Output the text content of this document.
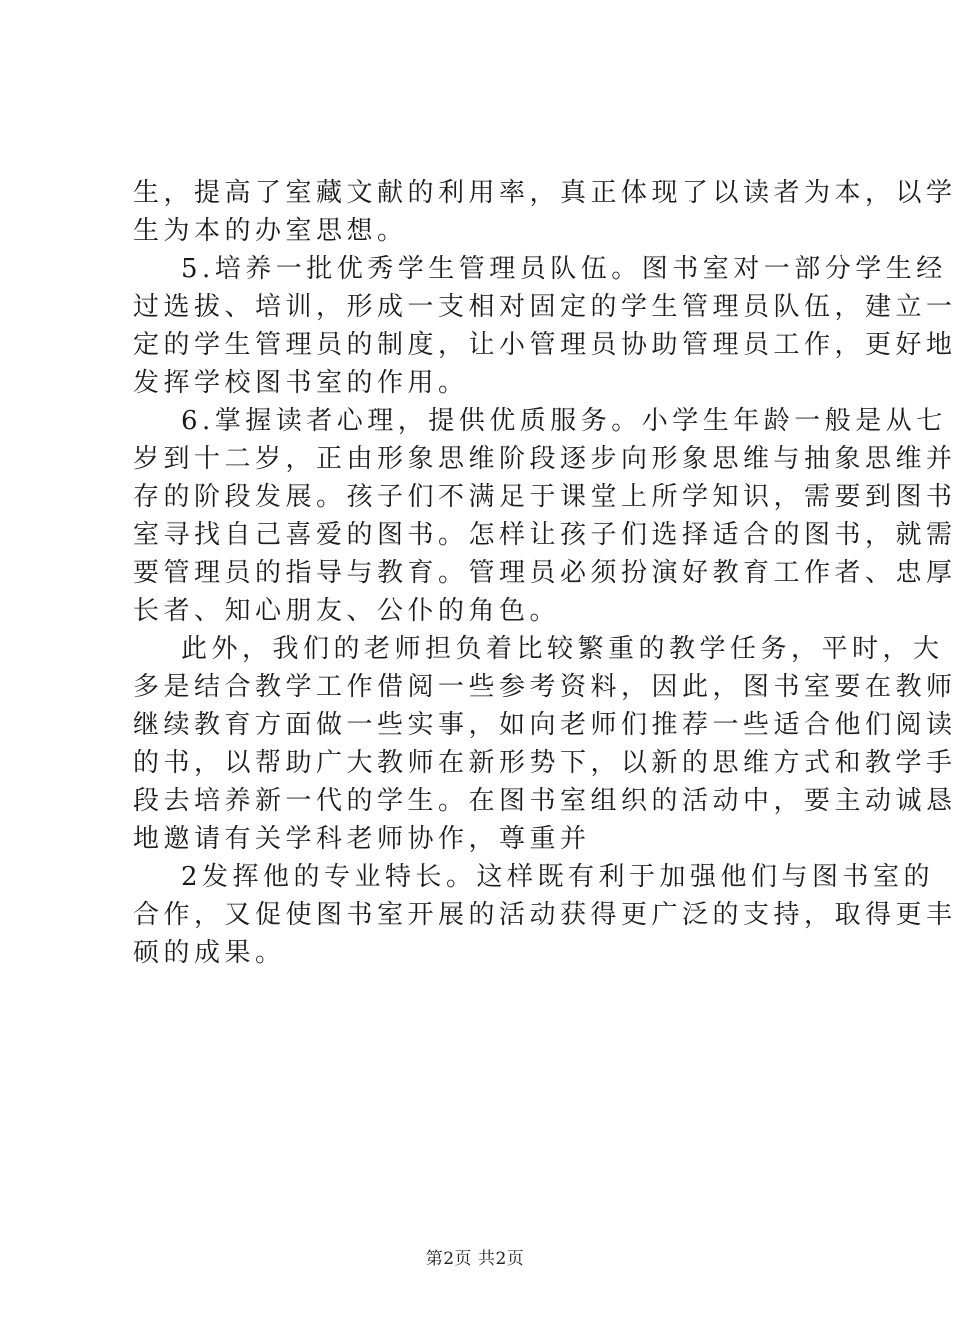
生，提高了室藏文献的利用率，真正体现了以读者为本，以学
生为本的办室思想。
5.培养一批优秀学生管理员队伍。图书室对一部分学生经
过选拔、培训，形成一支相对固定的学生管理员队伍，建立一
定的学生管理员的制度，让小管理员协助管理员工作，更好地
发挥学校图书室的作用。
6.掌握读者心理，提供优质服务。小学生年龄一般是从七
岁到十二岁，正由形象思维阶段逐步向形象思维与抽象思维并
存的阶段发展。孩子们不满足于课堂上所学知识，需要到图书
室寻找自己喜爱的图书。怎样让孩子们选择适合的图书，就需
要管理员的指导与教育。管理员必须扮演好教育工作者、忠厚
长者、知心朋友、公仆的角色。
此外，我们的老师担负着比较繁重的教学任务，平时，大
多是结合教学工作借阅一些参考资料，因此，图书室要在教师
继续教育方面做一些实事，如向老师们推荐一些适合他们阅读
的书，以帮助广大教师在新形势下，以新的思维方式和教学手
段去培养新一代的学生。在图书室组织的活动中，要主动诚恳
地邀请有关学科老师协作，尊重并
2发挥他的专业特长。这样既有利于加强他们与图书室的
合作，又促使图书室开展的活动获得更广泛的支持，取得更丰
硕的成果。
第2页 共2页
